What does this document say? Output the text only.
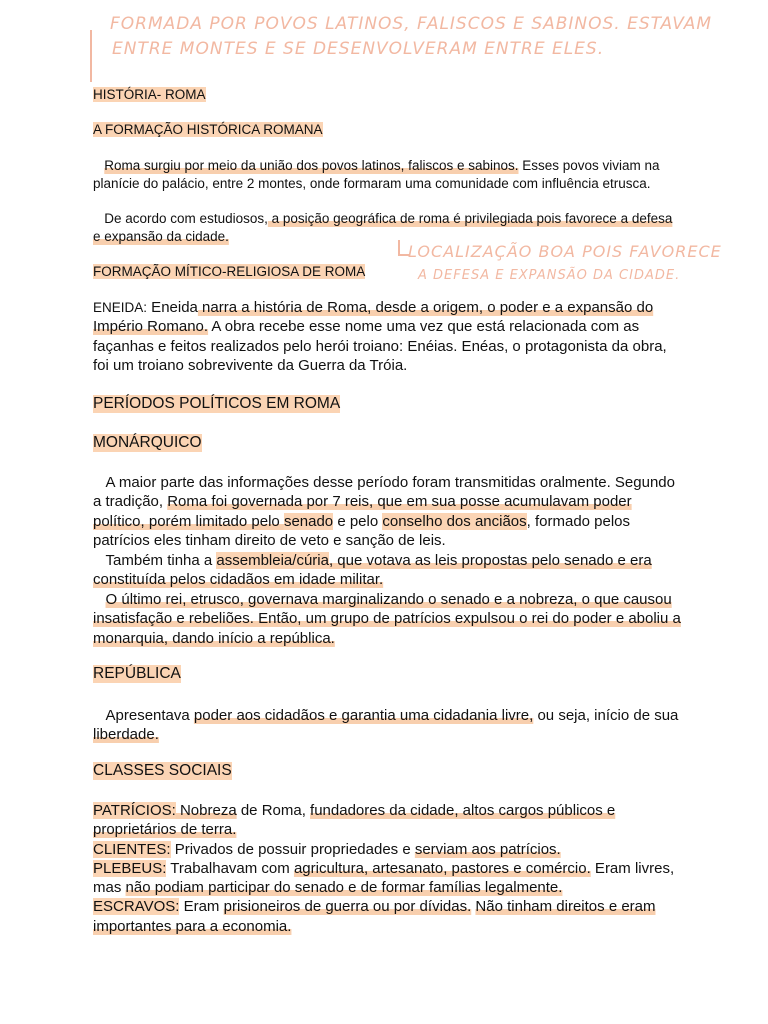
FORMADA POR POVOS LATINOS, FALISCOS E SABINOS. ESTAVAM
ENTRE MONTES E SE DESENVOLVERAM ENTRE ELES.
LOCALIZAÇÃO BOA POIS FAVORECE
A DEFESA E EXPANSÃO DA CIDADE.
HISTÓRIA- ROMA
A FORMAÇÃO HISTÓRICA ROMANA
Roma surgiu por meio da união dos povos latinos, faliscos e sabinos. Esses povos viviam na planície do palácio, entre 2 montes, onde formaram uma comunidade com influência etrusca.
De acordo com estudiosos, a posição geográfica de roma é privilegiada pois favorece a defesa e expansão da cidade.
FORMAÇÃO MÍTICO-RELIGIOSA DE ROMA
ENEIDA: Eneida narra a história de Roma, desde a origem, o poder e a expansão do Império Romano. A obra recebe esse nome uma vez que está relacionada com as façanhas e feitos realizados pelo herói troiano: Enéias. Enéas, o protagonista da obra, foi um troiano sobrevivente da Guerra da Tróia.
PERÍODOS POLÍTICOS EM ROMA
MONÁRQUICO
A maior parte das informações desse período foram transmitidas oralmente. Segundo a tradição, Roma foi governada por 7 reis, que em sua posse acumulavam poder político, porém limitado pelo senado e pelo conselho dos anciãos, formado pelos patrícios eles tinham direito de veto e sanção de leis.
Também tinha a assembleia/cúria, que votava as leis propostas pelo senado e era constituída pelos cidadãos em idade militar.
O último rei, etrusco, governava marginalizando o senado e a nobreza, o que causou insatisfação e rebeliões. Então, um grupo de patrícios expulsou o rei do poder e aboliu a monarquia, dando início a república.
REPÚBLICA
Apresentava poder aos cidadãos e garantia uma cidadania livre, ou seja, início de sua liberdade.
CLASSES SOCIAIS
PATRÍCIOS: Nobreza de Roma, fundadores da cidade, altos cargos públicos e proprietários de terra.
CLIENTES: Privados de possuir propriedades e serviam aos patrícios.
PLEBEUS: Trabalhavam com agricultura, artesanato, pastores e comércio. Eram livres, mas não podiam participar do senado e de formar famílias legalmente.
ESCRAVOS: Eram prisioneiros de guerra ou por dívidas. Não tinham direitos e eram importantes para a economia.
